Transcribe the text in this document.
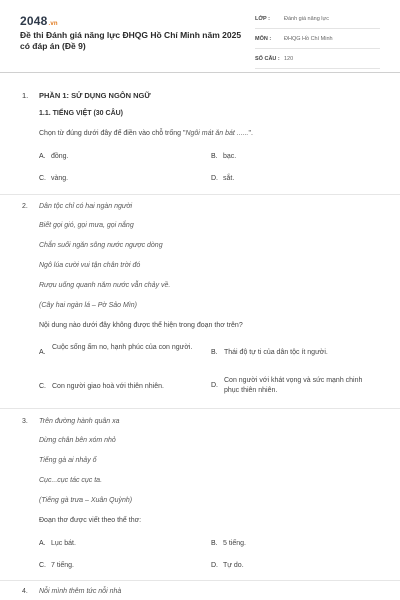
2048.vn
Đề thi Đánh giá năng lực ĐHQG Hồ Chí Minh năm 2025 có đáp án (Đề 9)
LỚP :	Đánh giá năng lực
MÔN : ĐHQG Hồ Chí Minh
SỐ CÂU : 120
1. PHẦN 1: SỬ DỤNG NGÔN NGỮ
1.1. TIẾNG VIỆT (30 CÂU)
Chọn từ đúng dưới đây để điền vào chỗ trống "Ngôi mát ăn bát ......".
A. đồng.	B. bạc.
C. vàng.	D. sắt.
2. Dân tộc chỉ có hai ngàn người
Biết gọi gió, gọi mưa, gọi nắng
Chắn suối ngăn sông nước ngược dòng
Ngô lúa cười vui tận chân trời đó
Rượu uống quanh năm nước vẫn chảy về.
(Cây hai ngàn lá – Pờ Sảo Mìn)
Nội dung nào dưới đây không được thể hiện trong đoạn thơ trên?
A.
Cuộc sống ấm no, hạnh phúc của con người.
B. Thái độ tự ti của dân tộc ít người.
C. Con người giao hoà với thiên nhiên.	D.
Con người với khát vọng và sức mạnh chinh phục thiên nhiên.
3. Trên đường hành quân xa
Dừng chân bên xóm nhỏ
Tiếng gà ai nhảy ổ
Cục...cục tác cục ta.
(Tiếng gà trưa – Xuân Quỳnh)
Đoạn thơ được viết theo thể thơ:
A. Lục bát.	B. 5 tiếng.
C. 7 tiếng.	D. Tự do.
4. Nỗi mình thêm tức nỗi nhà
